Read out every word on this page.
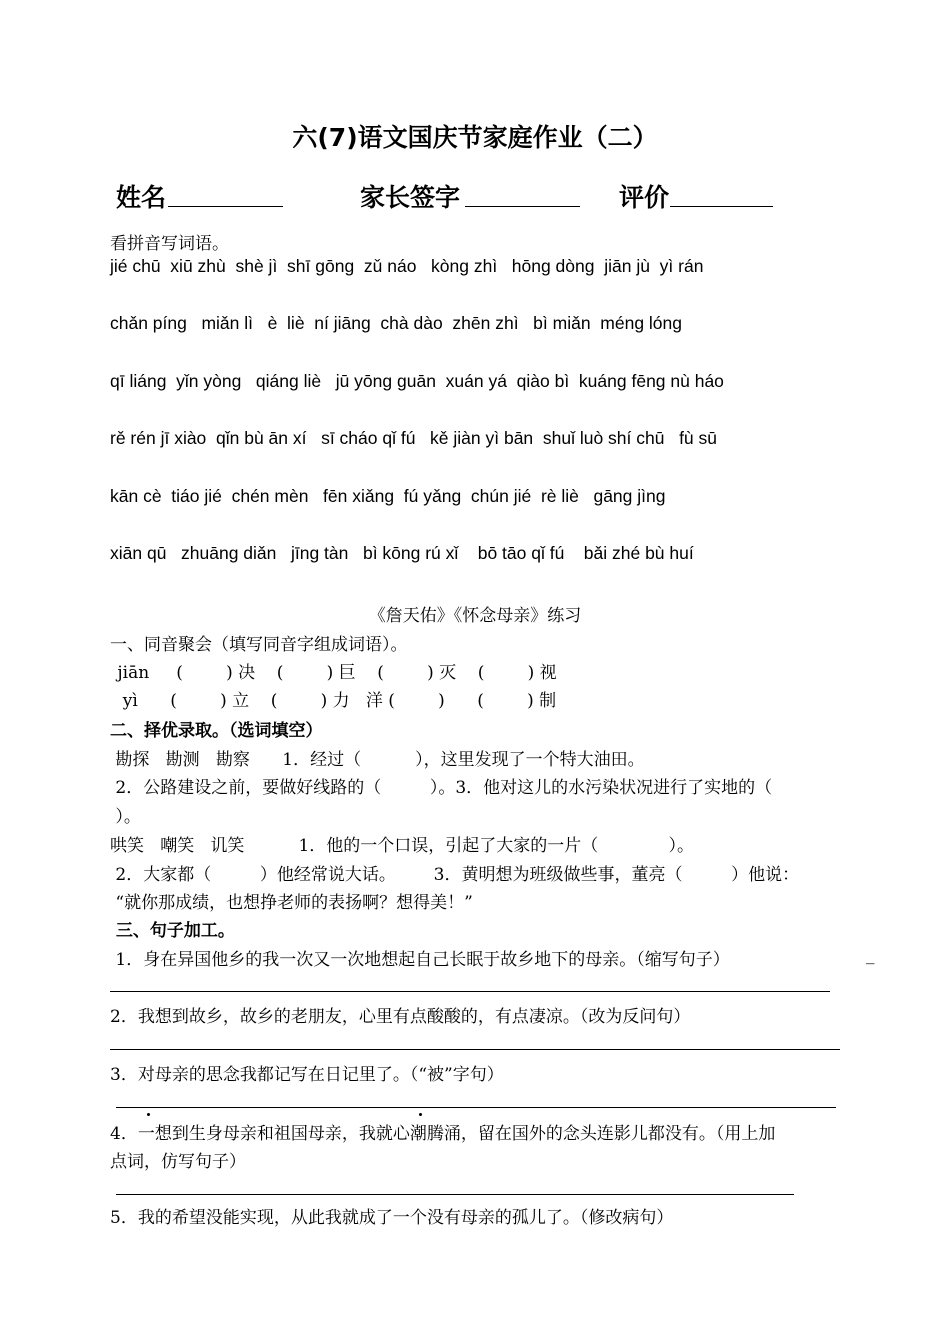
六(7)语文国庆节家庭作业（二）
姓名	家长签字	评价
看拼音写词语。
jié chū  xiū zhù  shè jì  shī gōng  zǔ náo   kòng zhì   hōng dòng  jiān jù  yì rán
chǎn píng   miǎn lì   è  liè  ní jiāng  chà dào  zhēn zhì   bì miǎn  méng lóng
qī liáng  yǐn yòng   qiáng liè   jū yōng guān  xuán yá  qiào bì  kuáng fēng nù háo
rě rén jī xiào  qǐn bù ān xí   sī cháo qǐ fú   kě jiàn yì bān  shuǐ luò shí chū   fù sū
kān cè  tiáo jié  chén mèn   fēn xiǎng  fú yǎng  chún jié  rè liè   gāng jìng
xiān qū   zhuāng diǎn   jīng tàn   bì kōng rú xǐ    bō tāo qǐ fú    bǎi zhé bù huí
《詹天佑》《怀念母亲》练习
一、同音聚会（填写同音字组成词语）。
jiān     (        ) 决    (        ) 巨    (        ) 灭    (        ) 视
yì      (        ) 立    (        ) 力   洋 (        )      (        ) 制
二、择优录取。（选词填空）
勘探   勘测   勘察      1．经过（          ），这里发现了一个特大油田。
2．公路建设之前，要做好线路的（         ）。3．他对这儿的水污染状况进行了实地的（
）。
哄笑   嘲笑   讥笑          1．他的一个口误，引起了大家的一片（             ）。
2．大家都（         ）他经常说大话。       3．黄明想为班级做些事，董亮（         ）他说：
“就你那成绩，也想挣老师的表扬啊？想得美！”
三、句子加工。
1．身在异国他乡的我一次又一次地想起自己长眠于故乡地下的母亲。（缩写句子）	_
2．我想到故乡，故乡的老朋友，心里有点酸酸的，有点凄凉。（改为反问句）
3．对母亲的思念我都记写在日记里了。（“被”字句）
4．一想到生身母亲和祖国母亲，我就心潮腾涌，留在国外的念头连影儿都没有。（用上加
点词，仿写句子）
5．我的希望没能实现，从此我就成了一个没有母亲的孤儿了。（修改病句）
